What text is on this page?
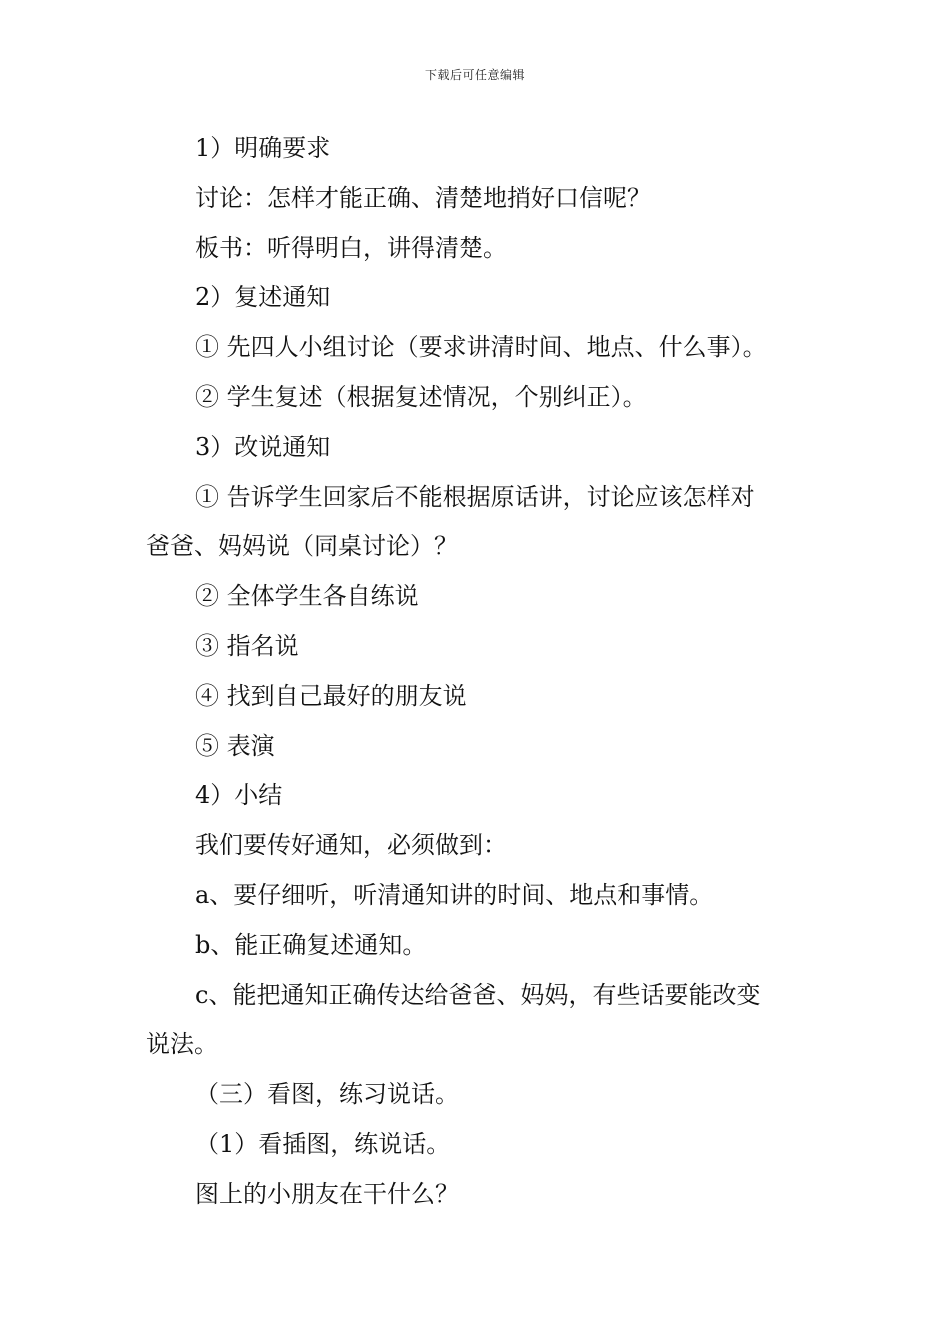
下载后可任意编辑

1）明确要求

讨论：怎样才能正确、清楚地捎好口信呢？

板书：听得明白，讲得清楚。

2）复述通知

① 先四人小组讨论（要求讲清时间、地点、什么事）。

② 学生复述（根据复述情况，个别纠正）。

3）改说通知

① 告诉学生回家后不能根据原话讲，讨论应该怎样对
爸爸、妈妈说（同桌讨论）？

② 全体学生各自练说

③ 指名说

④ 找到自己最好的朋友说

⑤ 表演

4）小结

我们要传好通知，必须做到：

a、要仔细听，听清通知讲的时间、地点和事情。

b、能正确复述通知。

c、能把通知正确传达给爸爸、妈妈，有些话要能改变
说法。

（三）看图，练习说话。

（1）看插图，练说话。

图上的小朋友在干什么？
